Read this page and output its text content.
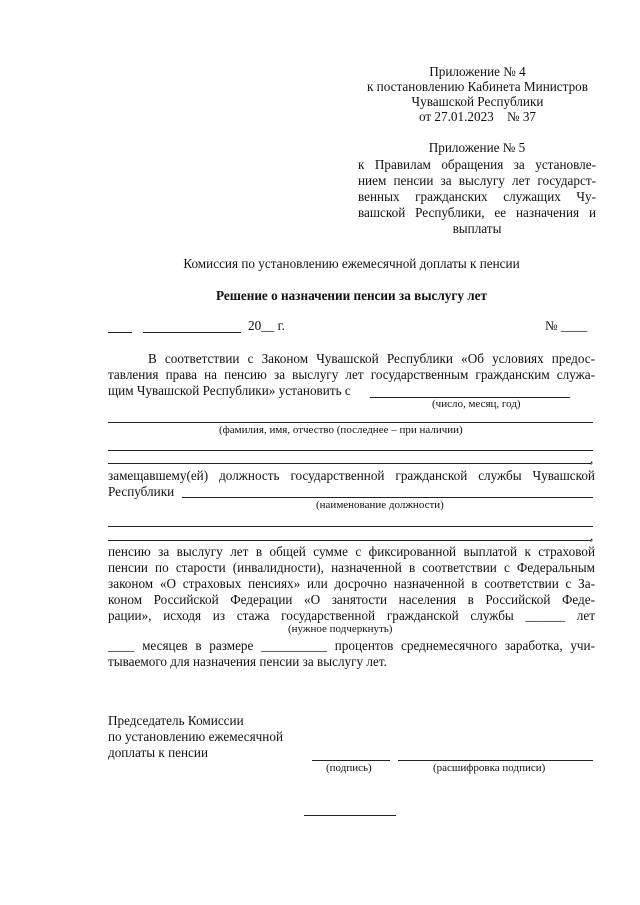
Приложение № 4
к постановлению Кабинета Министров
Чувашской Республики
от 27.01.2023    № 37
Приложение № 5
к Правилам обращения за установле-
нием пенсии за выслугу лет государст-
венных гражданских служащих Чу-
вашской Республики, ее назначения и
выплаты
Комиссия по установлению ежемесячной доплаты к пенсии
Решение о назначении пенсии за выслугу лет
20__ г.	№ ____
В соответствии с Законом Чувашской Республики «Об условиях предос-
тавления права на пенсию за выслугу лет государственным гражданским служа-
щим Чувашской Республики» установить с
(число, месяц, год)
(фамилия, имя, отчество (последнее – при наличии)
,
замещавшему(ей) должность государственной гражданской службы Чувашской
Республики
(наименование должности)
,
пенсию за выслугу лет в общей сумме с фиксированной выплатой к страховой
пенсии по старости (инвалидности), назначенной в соответствии с Федеральным
законом «О страховых пенсиях» или досрочно назначенной в соответствии с За-
коном Российской Федерации «О занятости населения в Российской Феде-
рации», исходя из стажа государственной гражданской службы ______ лет
(нужное подчеркнуть)
____ месяцев в размере __________ процентов среднемесячного заработка, учи-
тываемого для назначения пенсии за выслугу лет.
Председатель Комиссии
по установлению ежемесячной
доплаты к пенсии
(подпись)	(расшифровка подписи)
